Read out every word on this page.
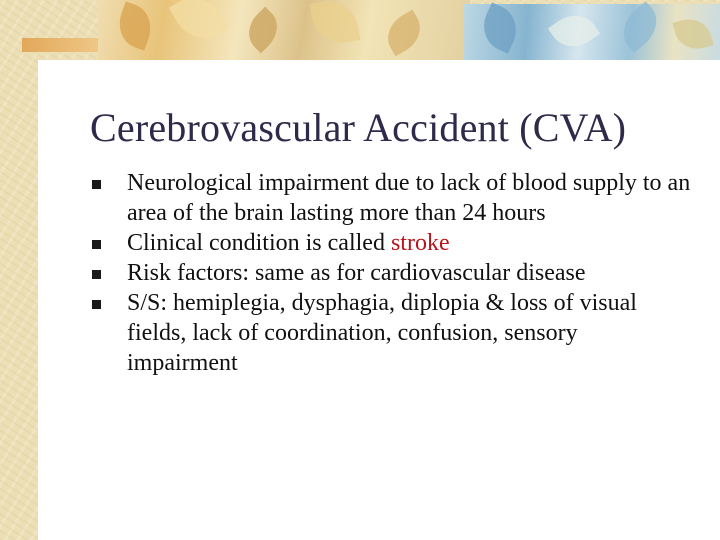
Cerebrovascular Accident (CVA)
Neurological impairment due to lack of blood supply to an area of the brain lasting more than 24 hours
Clinical condition is called stroke
Risk factors: same as for cardiovascular disease
S/S: hemiplegia, dysphagia, diplopia & loss of visual fields, lack of coordination, confusion, sensory impairment
